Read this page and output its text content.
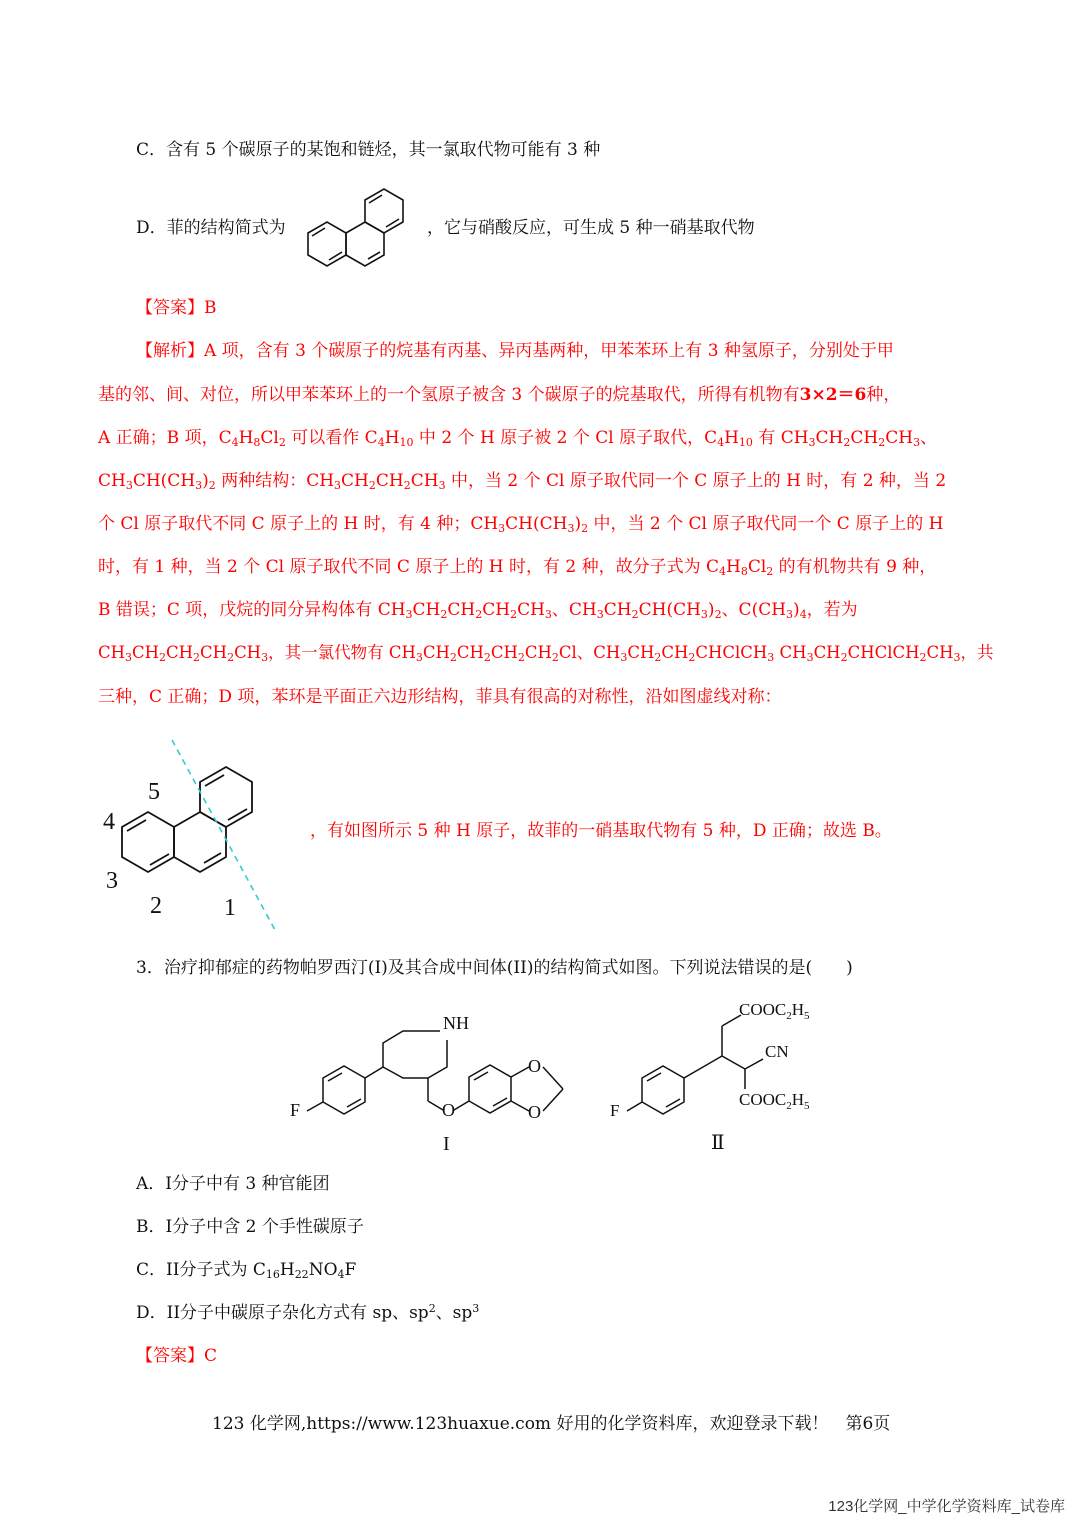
C．含有 5 个碳原子的某饱和链烃，其一氯取代物可能有 3 种
D．菲的结构简式为	，它与硝酸反应，可生成 5 种一硝基取代物
【答案】B
【解析】A 项，含有 3 个碳原子的烷基有丙基、异丙基两种，甲苯苯环上有 3 种氢原子，分别处于甲
基的邻、间、对位，所以甲苯苯环上的一个氢原子被含 3 个碳原子的烷基取代，所得有机物有3×2＝6种，
A 正确；B 项，$C_4H_8Cl_2$ 可以看作 $C_4H_{10}$ 中 2 个 H 原子被 2 个 Cl 原子取代，$C_4H_{10}$ 有 $CH_3CH_2CH_2CH_3$、
$CH_3CH(CH_3)_2$ 两种结构：$CH_3CH_2CH_2CH_3$ 中，当 2 个 Cl 原子取代同一个 C 原子上的 H 时，有 2 种，当 2
个 Cl 原子取代不同 C 原子上的 H 时，有 4 种；$CH_3CH(CH_3)_2$ 中，当 2 个 Cl 原子取代同一个 C 原子上的 H
时，有 1 种，当 2 个 Cl 原子取代不同 C 原子上的 H 时，有 2 种，故分子式为 $C_4H_8Cl_2$ 的有机物共有 9 种，
B 错误；C 项，戊烷的同分异构体有 $CH_3CH_2CH_2CH_2CH_3$、$CH_3CH_2CH(CH_3)_2$、$C(CH_3)_4$，若为
$CH_3CH_2CH_2CH_2CH_3$，其一氯代物有 $CH_3CH_2CH_2CH_2CH_2Cl$、$CH_3CH_2CH_2CHClCH_3$ $CH_3CH_2CHClCH_2CH_3$，共
三种，C 正确；D 项，苯环是平面正六边形结构，菲具有很高的对称性，沿如图虚线对称：
5
4
3
2	1
，有如图所示 5 种 H 原子，故菲的一硝基取代物有 5 种，D 正确；故选 B。
3．治疗抑郁症的药物帕罗西汀(I)及其合成中间体(II)的结构简式如图。下列说法错误的是(　　)
NH
F	O
O
O
I
$COOC_2H_5$
CN
$COOC_2H_5$
F
Ⅱ
A．I分子中有 3 种官能团
B．I分子中含 2 个手性碳原子
C．II分子式为 $C_{16}H_{22}NO_4F$
D．II分子中碳原子杂化方式有 sp、$sp^2$、$sp^3$
【答案】C
123 化学网,https://www.123huaxue.com 好用的化学资料库，欢迎登录下载！　第6页
123化学网_中学化学资料库_试卷库
